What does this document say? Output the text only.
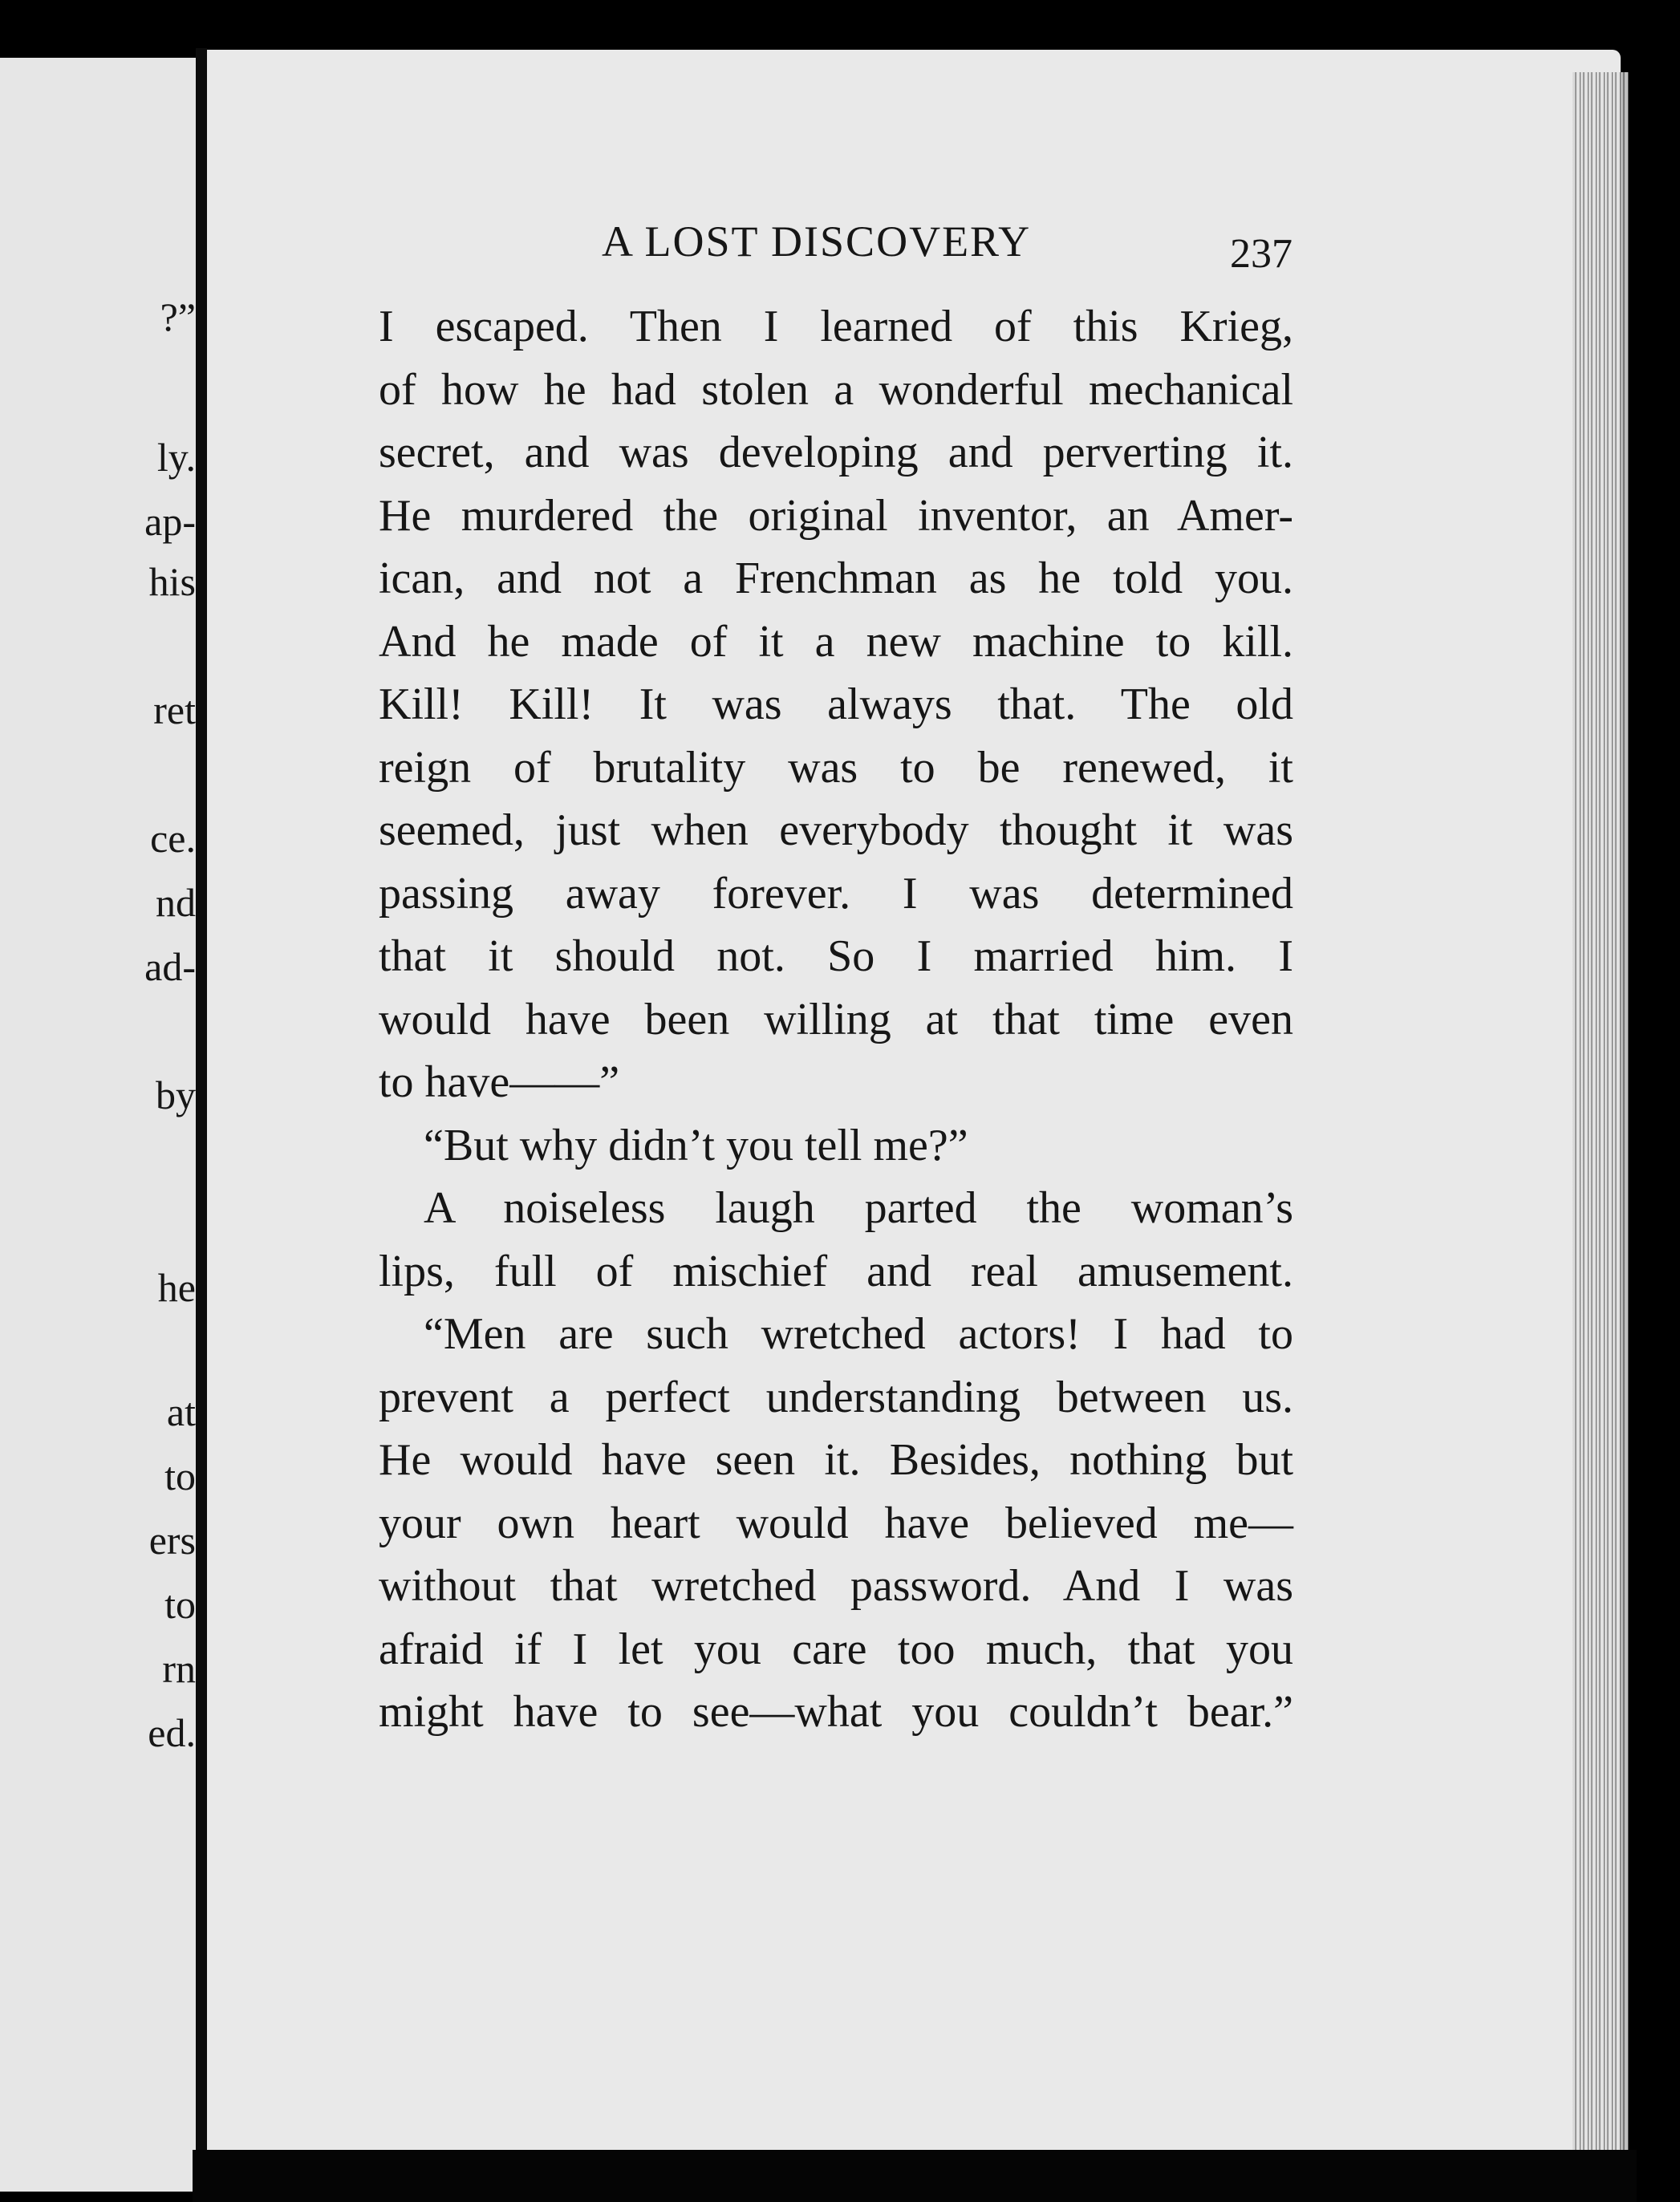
?”
ly.
ap-
his
ret
ce.
nd
ad-
by
he
at
to
ers
to
rn
ed.
A LOST DISCOVERY	237
I escaped. Then I learned of this Krieg,
of how he had stolen a wonderful mechanical
secret, and was developing and perverting it.
He murdered the original inventor, an Amer-
ican, and not a Frenchman as he told you.
And he made of it a new machine to kill.
Kill! Kill! It was always that. The old
reign of brutality was to be renewed, it
seemed, just when everybody thought it was
passing away forever. I was determined
that it should not. So I married him. I
would have been willing at that time even
to have——”
“But why didn’t you tell me?”
A noiseless laugh parted the woman’s
lips, full of mischief and real amusement.
“Men are such wretched actors! I had to
prevent a perfect understanding between us.
He would have seen it. Besides, nothing but
your own heart would have believed me—
without that wretched password. And I was
afraid if I let you care too much, that you
might have to see—what you couldn’t bear.”
